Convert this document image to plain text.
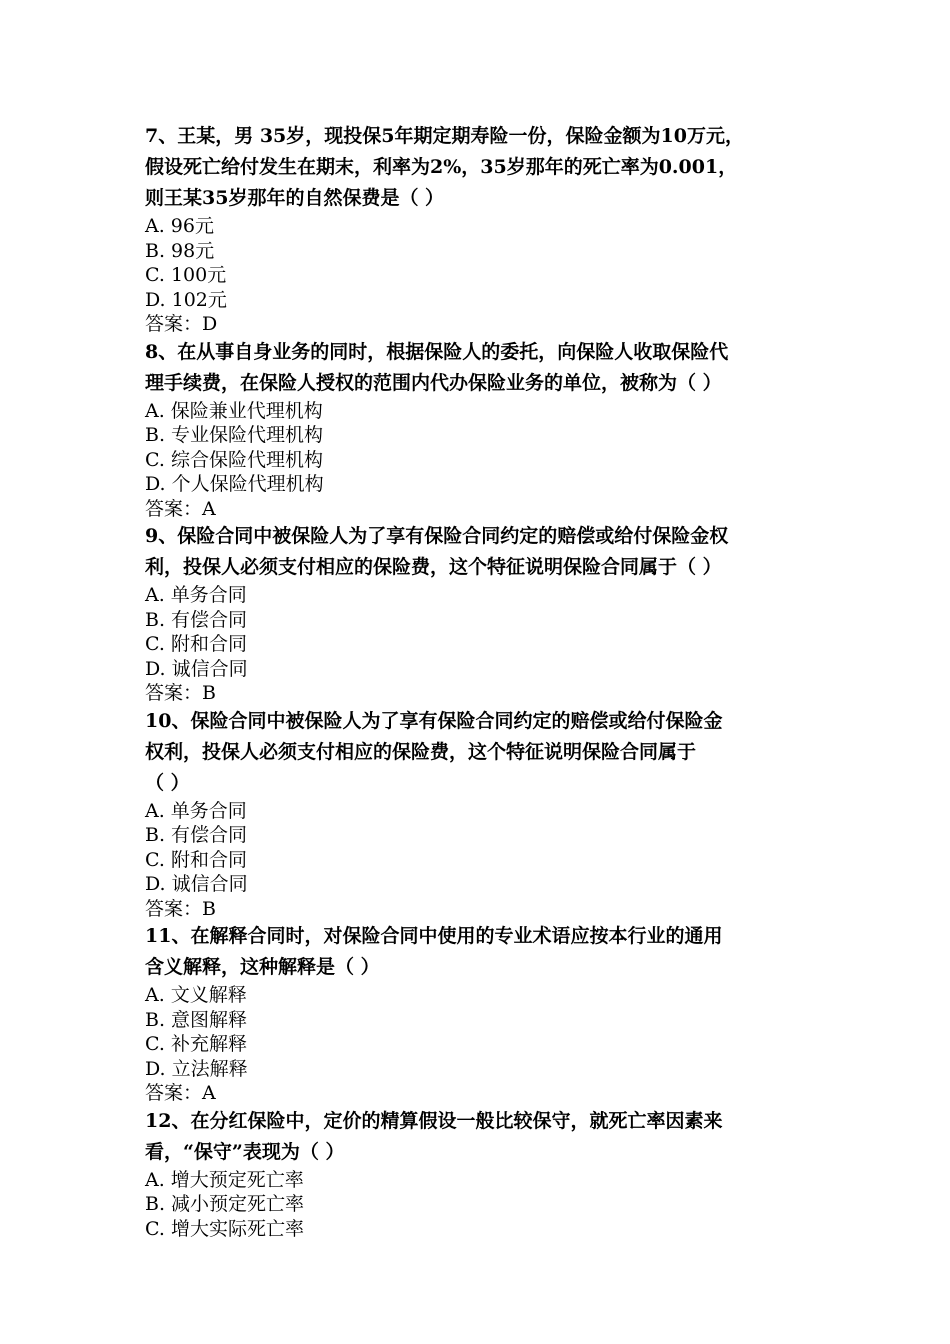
7、王某，男 35岁，现投保5年期定期寿险一份，保险金额为10万元，
假设死亡给付发生在期末，利率为2%，35岁那年的死亡率为0.001，
则王某35岁那年的自然保费是（ ）

A. 96元

B. 98元

C. 100元

D. 102元

答案：D

8、在从事自身业务的同时，根据保险人的委托，向保险人收取保险代
理手续费，在保险人授权的范围内代办保险业务的单位，被称为（ ）

A. 保险兼业代理机构

B. 专业保险代理机构

C. 综合保险代理机构

D. 个人保险代理机构

答案：A

9、保险合同中被保险人为了享有保险合同约定的赔偿或给付保险金权
利，投保人必须支付相应的保险费，这个特征说明保险合同属于（ ）

A. 单务合同

B. 有偿合同

C. 附和合同

D. 诚信合同

答案：B

10、保险合同中被保险人为了享有保险合同约定的赔偿或给付保险金
权利，投保人必须支付相应的保险费，这个特征说明保险合同属于
（ ）

A. 单务合同

B. 有偿合同

C. 附和合同

D. 诚信合同

答案：B

11、在解释合同时，对保险合同中使用的专业术语应按本行业的通用
含义解释，这种解释是（ ）

A. 文义解释

B. 意图解释

C. 补充解释

D. 立法解释

答案：A

12、在分红保险中，定价的精算假设一般比较保守，就死亡率因素来
看，“保守”表现为（ ）

A. 增大预定死亡率

B. 减小预定死亡率

C. 增大实际死亡率
